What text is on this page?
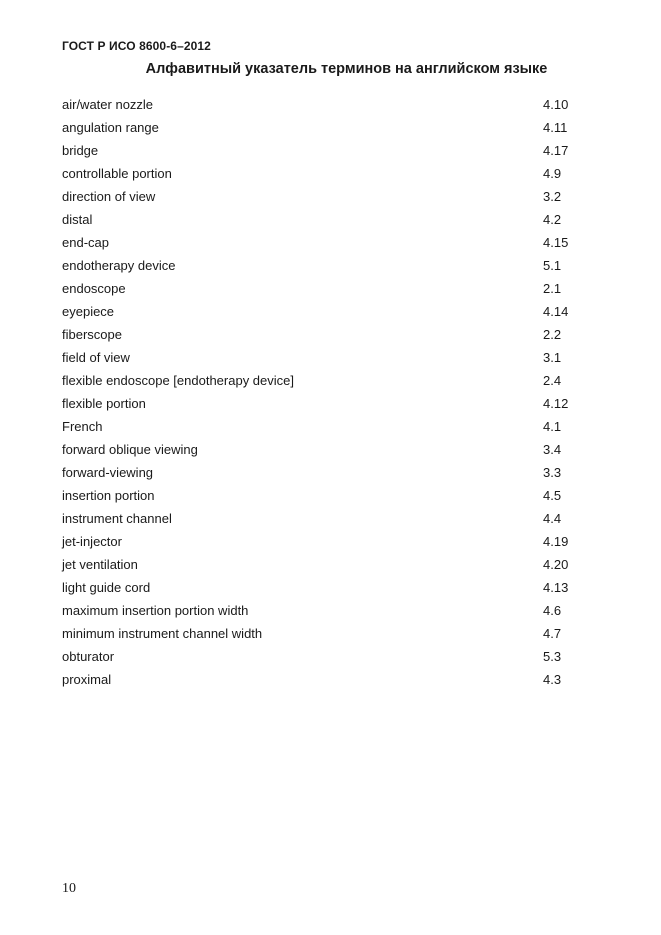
ГОСТ Р ИСО 8600-6–2012
Алфавитный указатель терминов на английском языке
air/water nozzle	4.10
angulation range	4.11
bridge	4.17
controllable portion	4.9
direction of view	3.2
distal	4.2
end-cap	4.15
endotherapy device	5.1
endoscope	2.1
eyepiece	4.14
fiberscope	2.2
field of view	3.1
flexible endoscope [endotherapy device]	2.4
flexible portion	4.12
French	4.1
forward oblique viewing	3.4
forward-viewing	3.3
insertion portion	4.5
instrument channel	4.4
jet-injector	4.19
jet ventilation	4.20
light guide cord	4.13
maximum insertion portion width	4.6
minimum instrument channel width	4.7
obturator	5.3
proximal	4.3
10
